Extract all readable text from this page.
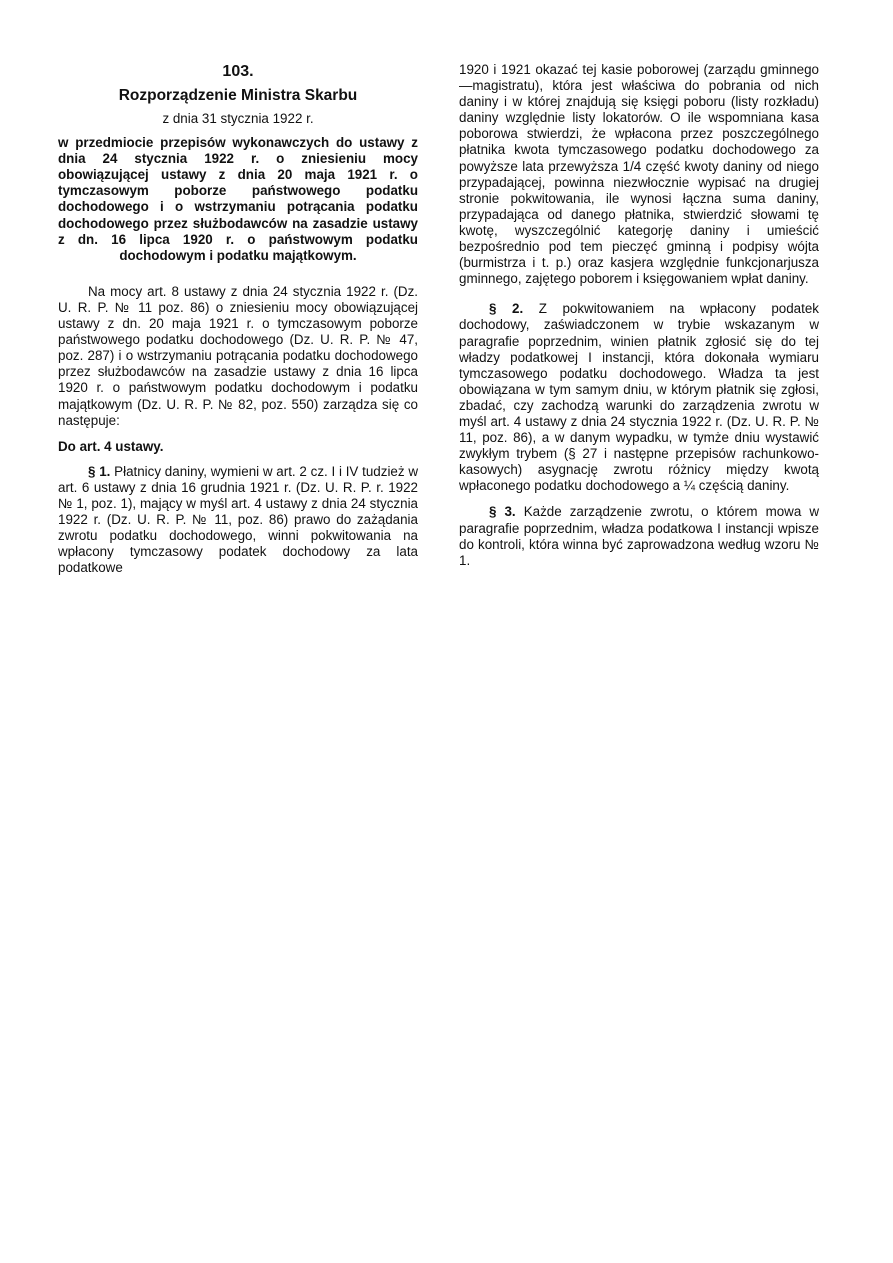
103.
Rozporządzenie Ministra Skarbu
z dnia 31 stycznia 1922 r.
w przedmiocie przepisów wykonawczych do ustawy z dnia 24 stycznia 1922 r. o zniesieniu mocy obowiązującej ustawy z dnia 20 maja 1921 r. o tymczasowym poborze państwowego podatku dochodowego i o wstrzymaniu potrącania podatku dochodowego przez służbodawców na zasadzie ustawy z dn. 16 lipca 1920 r. o państwowym podatku dochodowym i podatku majątkowym.

Na mocy art. 8 ustawy z dnia 24 stycznia 1922 r. (Dz. U. R. P. № 11 poz. 86) o zniesieniu mocy obowiązującej ustawy z dn. 20 maja 1921 r. o tymczasowym poborze państwowego podatku dochodowego (Dz. U. R. P. № 47, poz. 287) i o wstrzymaniu potrącania podatku dochodowego przez służbodawców na zasadzie ustawy z dnia 16 lipca 1920 r. o państwowym podatku dochodowym i podatku majątkowym (Dz. U. R. P. № 82, poz. 550) zarządza się co następuje:

Do art. 4 ustawy.

§ 1. Płatnicy daniny, wymieni w art. 2 cz. I i IV tudzież w art. 6 ustawy z dnia 16 grudnia 1921 r. (Dz. U. R. P. r. 1922 № 1, poz. 1), mający w myśl art. 4 ustawy z dnia 24 stycznia 1922 r. (Dz. U. R. P. № 11, poz. 86) prawo do zażądania zwrotu podatku dochodowego, winni pokwitowania na wpłacony tymczasowy podatek dochodowy za lata podatkowe

1920 i 1921 okazać tej kasie poborowej (zarządu gminnego—magistratu), która jest właściwa do pobrania od nich daniny i w której znajdują się księgi poboru (listy rozkładu) daniny względnie listy lokatorów. O ile wspomniana kasa poborowa stwierdzi, że wpłacona przez poszczególnego płatnika kwota tymczasowego podatku dochodowego za powyższe lata przewyższa 1/4 część kwoty daniny od niego przypadającej, powinna niezwłocznie wypisać na drugiej stronie pokwitowania, ile wynosi łączna suma daniny, przypadająca od danego płatnika, stwierdzić słowami tę kwotę, wyszczególnić kategorję daniny i umieścić bezpośrednio pod tem pieczęć gminną i podpisy wójta (burmistrza i t. p.) oraz kasjera względnie funkcjonarjusza gminnego, zajętego poborem i księgowaniem wpłat daniny.

§ 2. Z pokwitowaniem na wpłacony podatek dochodowy, zaświadczonem w trybie wskazanym w paragrafie poprzednim, winien płatnik zgłosić się do tej władzy podatkowej I instancji, która dokonała wymiaru tymczasowego podatku dochodowego. Władza ta jest obowiązana w tym samym dniu, w którym płatnik się zgłosi, zbadać, czy zachodzą warunki do zarządzenia zwrotu w myśl art. 4 ustawy z dnia 24 stycznia 1922 r. (Dz. U. R. P. № 11, poz. 86), a w danym wypadku, w tymże dniu wystawić zwykłym trybem (§ 27 i następne przepisów rachunkowo-kasowych) asygnację zwrotu różnicy między kwotą wpłaconego podatku dochodowego a ¼ częścią daniny.

§ 3. Każde zarządzenie zwrotu, o którem mowa w paragrafie poprzednim, władza podatkowa I instancji wpisze do kontroli, która winna być zaprowadzona według wzoru № 1.
